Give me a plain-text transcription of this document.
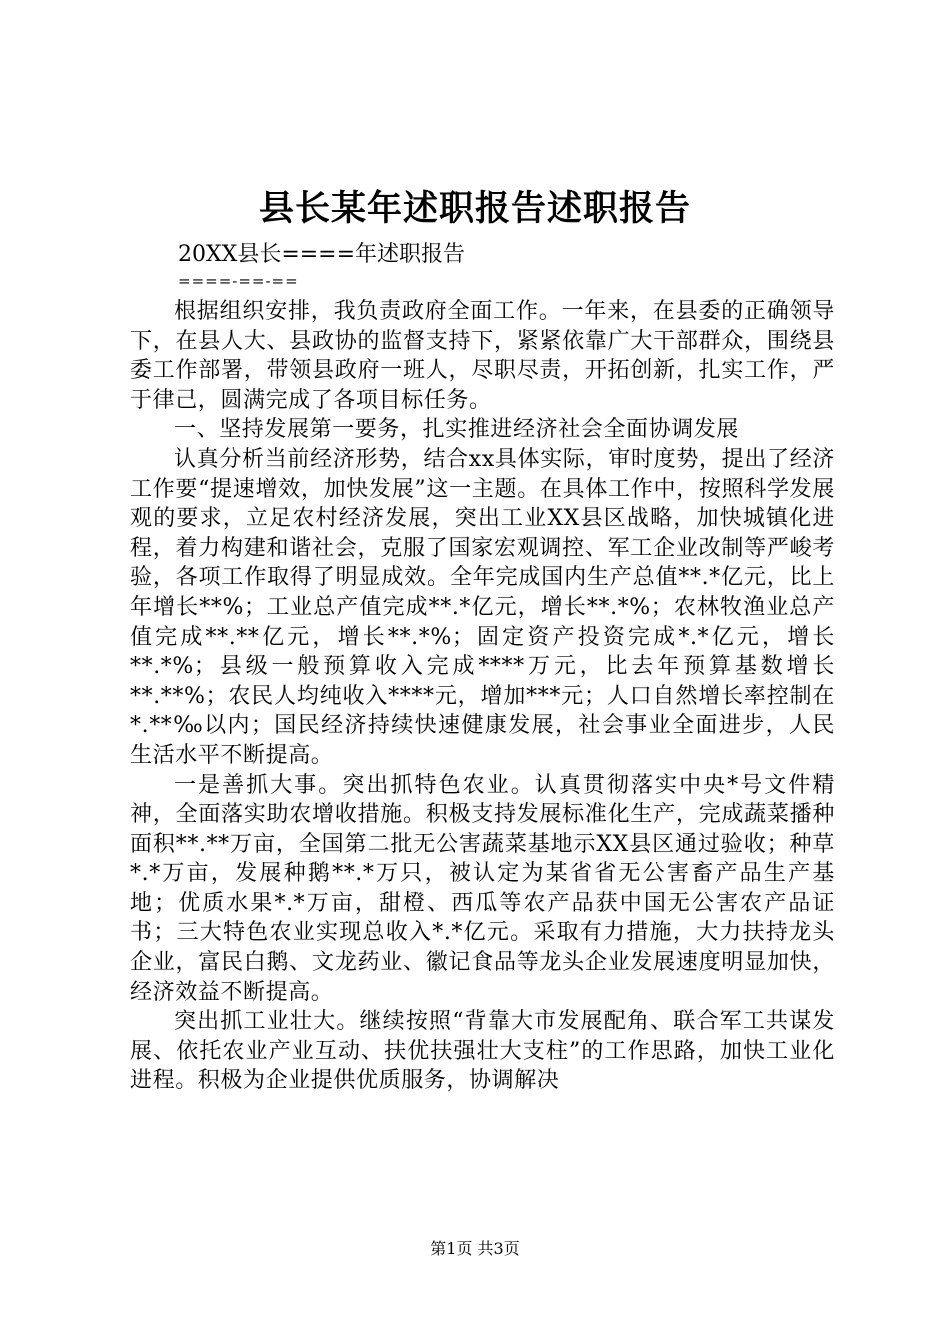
县长某年述职报告述职报告
20XX县长====年述职报告
====-==-==

根据组织安排，我负责政府全面工作。一年来，在县委的正确领导下，在县人大、县政协的监督支持下，紧紧依靠广大干部群众，围绕县委工作部署，带领县政府一班人，尽职尽责，开拓创新，扎实工作，严于律己，圆满完成了各项目标任务。

一、坚持发展第一要务，扎实推进经济社会全面协调发展

认真分析当前经济形势，结合xx具体实际，审时度势，提出了经济工作要“提速增效，加快发展”这一主题。在具体工作中，按照科学发展观的要求，立足农村经济发展，突出工业XX县区战略，加快城镇化进程，着力构建和谐社会，克服了国家宏观调控、军工企业改制等严峻考验，各项工作取得了明显成效。全年完成国内生产总值**.*亿元，比上年增长**%；工业总产值完成**.*亿元，增长**.*%；农林牧渔业总产值完成**.**亿元，增长**.*%；固定资产投资完成*.*亿元，增长**.*%；县级一般预算收入完成****万元，比去年预算基数增长**.**%；农民人均纯收入****元，增加***元；人口自然增长率控制在*.**‰以内；国民经济持续快速健康发展，社会事业全面进步，人民生活水平不断提高。

一是善抓大事。突出抓特色农业。认真贯彻落实中央*号文件精神，全面落实助农增收措施。积极支持发展标准化生产，完成蔬菜播种面积**.**万亩，全国第二批无公害蔬菜基地示XX县区通过验收；种草*.*万亩，发展种鹅**.*万只，被认定为某省省无公害畜产品生产基地；优质水果*.*万亩，甜橙、西瓜等农产品获中国无公害农产品证书；三大特色农业实现总收入*.*亿元。采取有力措施，大力扶持龙头企业，富民白鹅、文龙药业、徽记食品等龙头企业发展速度明显加快，经济效益不断提高。

突出抓工业壮大。继续按照“背靠大市发展配角、联合军工共谋发展、依托农业产业互动、扶优扶强壮大支柱”的工作思路，加快工业化进程。积极为企业提供优质服务，协调解决

第1页 共3页
